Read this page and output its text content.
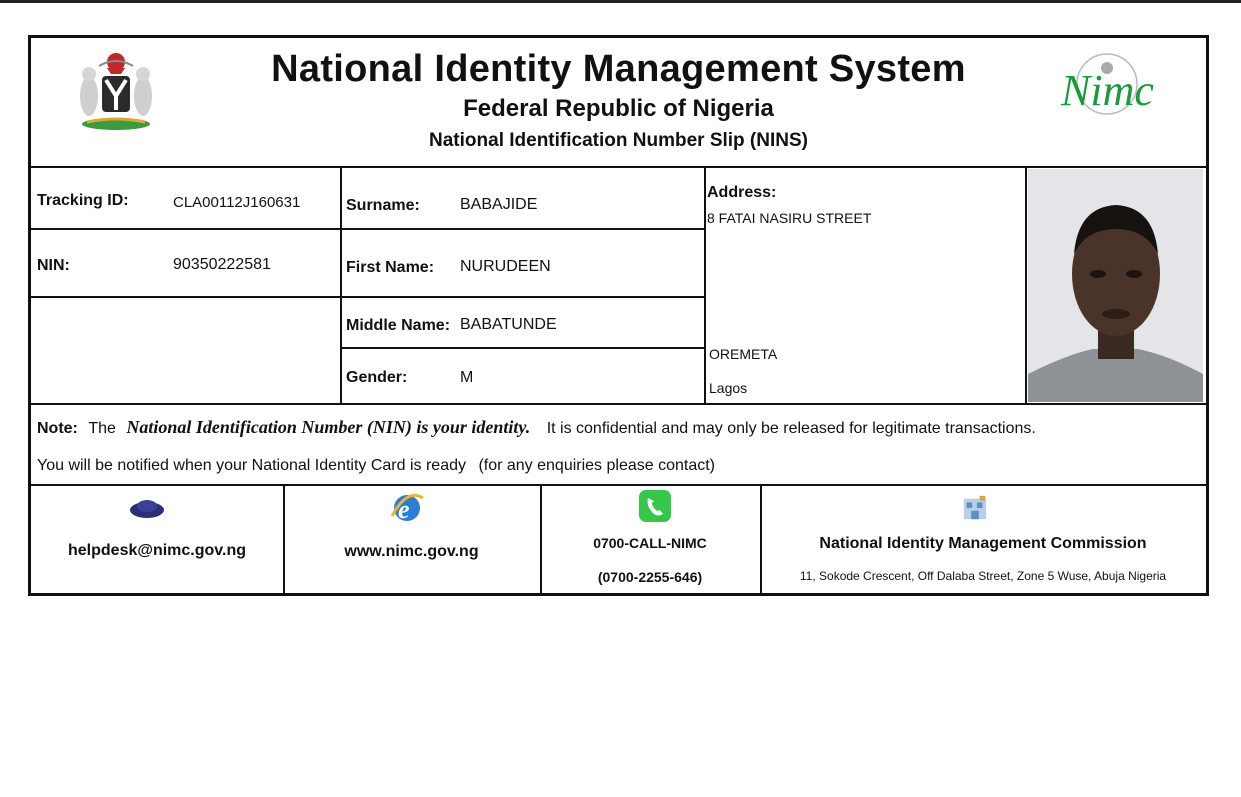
National Identity Management System
Federal Republic of Nigeria
National Identification Number Slip (NINS)
Nimc
Tracking ID:	CLA00112J160631
NIN:	90350222581
Surname:	BABAJIDE
First Name: NURUDEEN
Middle Name: BABATUNDE
Gender:	M
Address:
8 FATAI NASIRU STREET
OREMETA
Lagos
Note: The National Identification Number (NIN) is your identity. It is confidential and may only be released for legitimate transactions.
You will be notified when your National Identity Card is ready (for any enquiries please contact)
helpdesk@nimc.gov.ng
e
www.nimc.gov.ng	0700-CALL-NIMC
(0700-2255-646)
National Identity Management Commission
11, Sokode Crescent, Off Dalaba Street, Zone 5 Wuse, Abuja Nigeria
